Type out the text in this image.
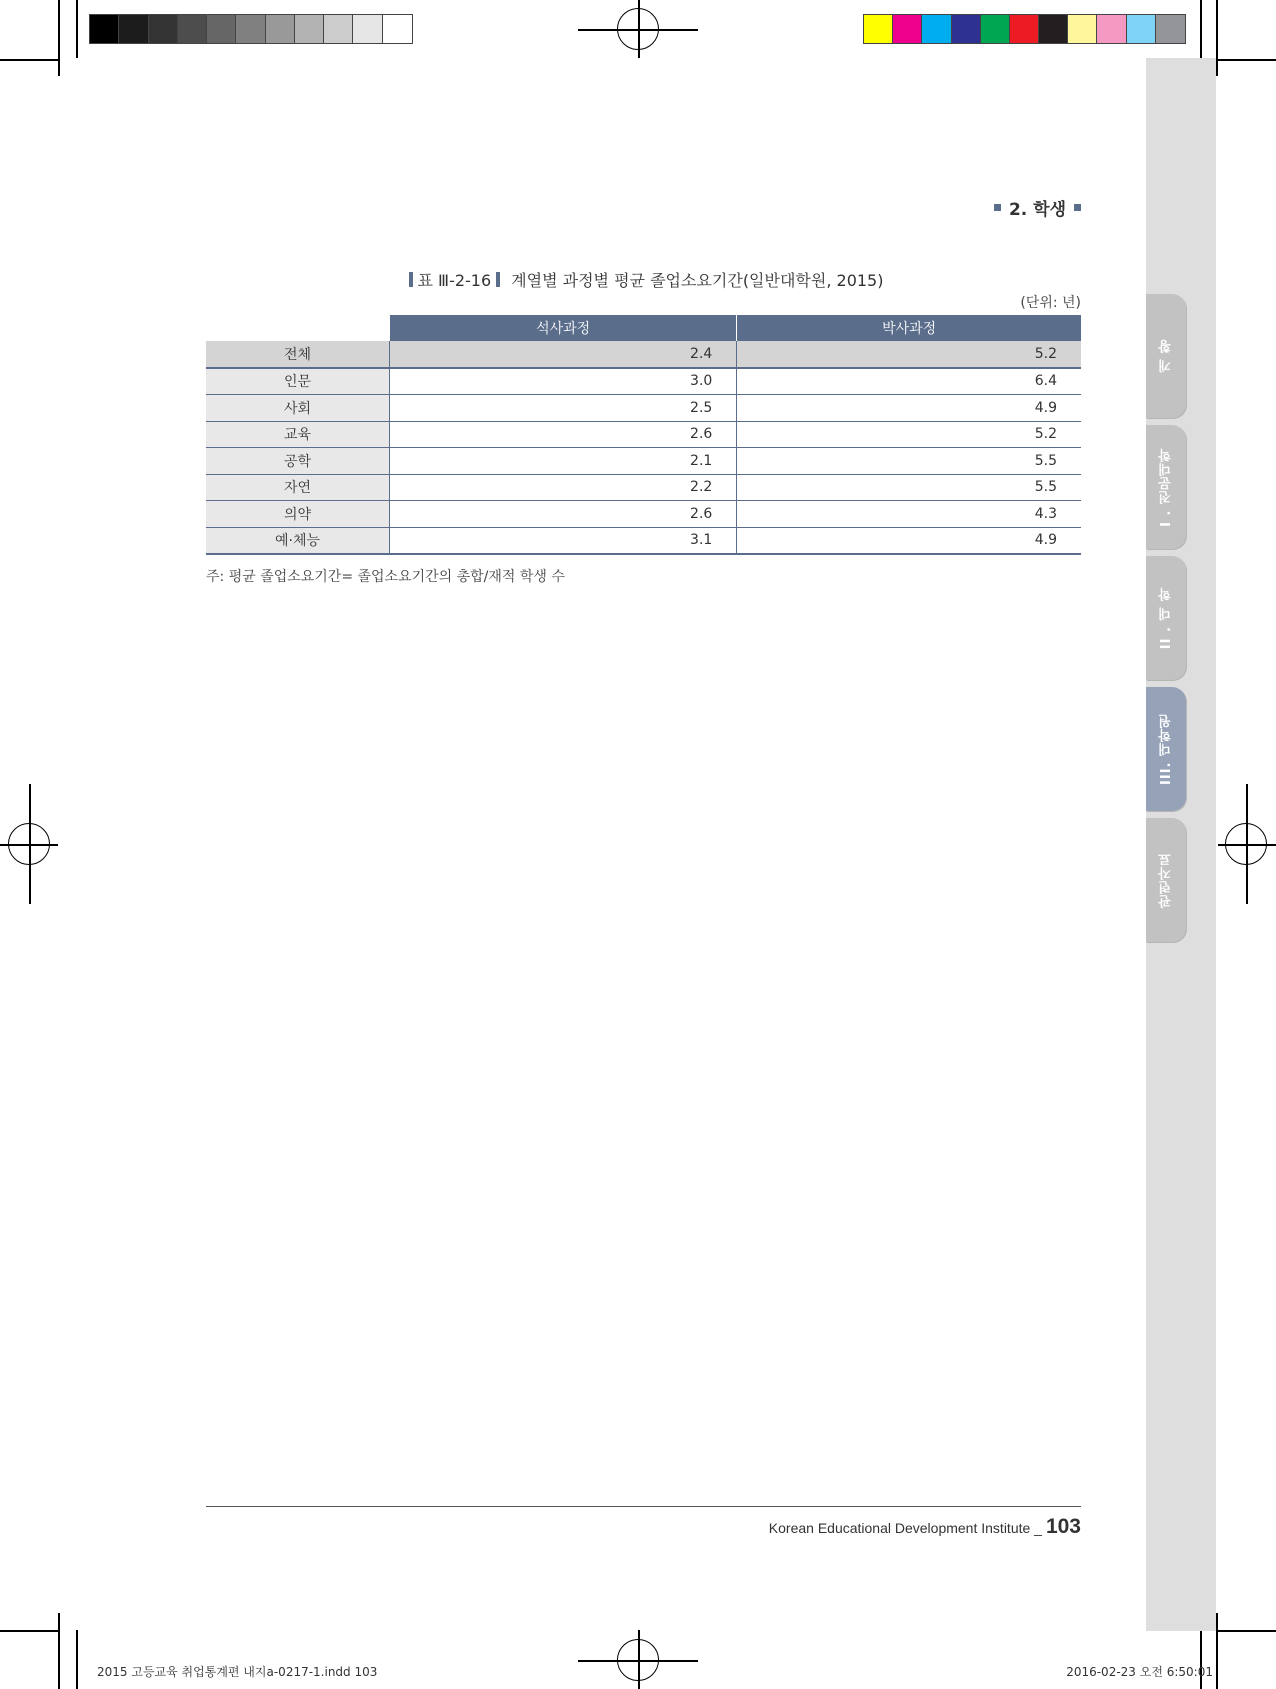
개 황
I . 전문대학
II . 대 학
III. 대학원
관련자료
2. 학생
표 Ⅲ-2-16 계열별 과정별 평균 졸업소요기간(일반대학원, 2015)
(단위: 년)
	석사과정	박사과정
전체	2.4	5.2
인문	3.0	6.4
사회	2.5	4.9
교육	2.6	5.2
공학	2.1	5.5
자연	2.2	5.5
의약	2.6	4.3
예·체능	3.1	4.9
주: 평균 졸업소요기간= 졸업소요기간의 총합/재적 학생 수
Korean Educational Development Institute _ 103
2015 고등교육 취업통계편 내지a-0217-1.indd 103	2016-02-23 오전 6:50:01
